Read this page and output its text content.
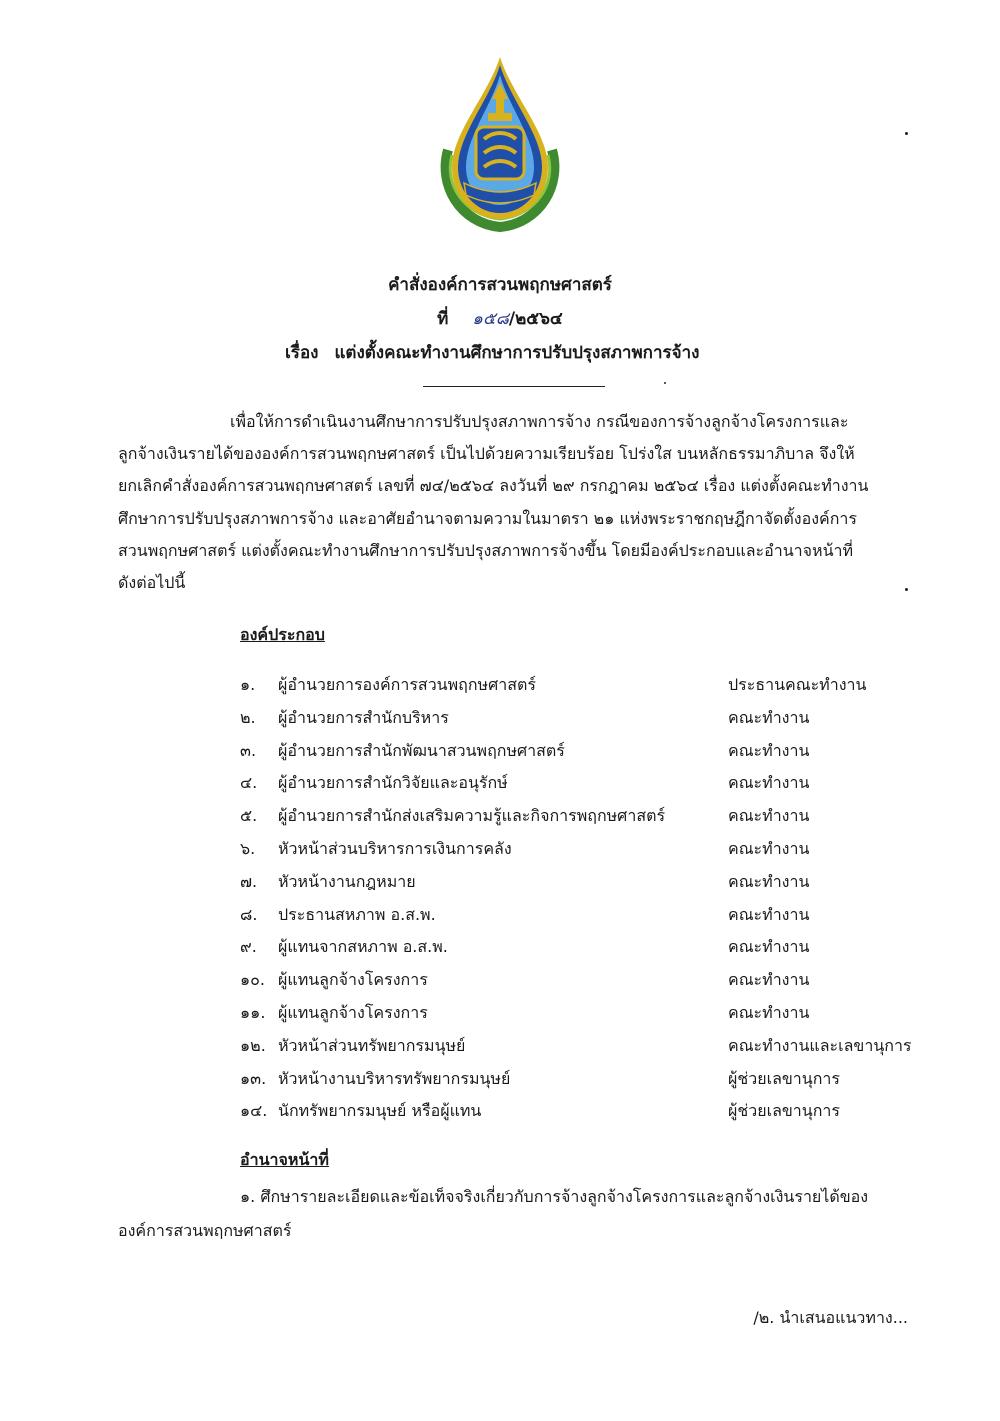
คำสั่งองค์การสวนพฤกษศาสตร์
ที่ ๑๕๘/๒๕๖๔
เรื่อง แต่งตั้งคณะทำงานศึกษาการปรับปรุงสภาพการจ้าง
เพื่อให้การดำเนินงานศึกษาการปรับปรุงสภาพการจ้าง กรณีของการจ้างลูกจ้างโครงการและ
ลูกจ้างเงินรายได้ขององค์การสวนพฤกษศาสตร์ เป็นไปด้วยความเรียบร้อย โปร่งใส บนหลักธรรมาภิบาล จึงให้
ยกเลิกคำสั่งองค์การสวนพฤกษศาสตร์ เลขที่ ๗๔/๒๕๖๔ ลงวันที่ ๒๙ กรกฎาคม ๒๕๖๔ เรื่อง แต่งตั้งคณะทำงาน
ศึกษาการปรับปรุงสภาพการจ้าง และอาศัยอำนาจตามความในมาตรา ๒๑ แห่งพระราชกฤษฎีกาจัดตั้งองค์การ
สวนพฤกษศาสตร์ แต่งตั้งคณะทำงานศึกษาการปรับปรุงสภาพการจ้างขึ้น โดยมีองค์ประกอบและอำนาจหน้าที่
ดังต่อไปนี้
องค์ประกอบ
๑. ผู้อำนวยการองค์การสวนพฤกษศาสตร์	ประธานคณะทำงาน
๒. ผู้อำนวยการสำนักบริหาร	คณะทำงาน
๓. ผู้อำนวยการสำนักพัฒนาสวนพฤกษศาสตร์	คณะทำงาน
๔. ผู้อำนวยการสำนักวิจัยและอนุรักษ์	คณะทำงาน
๕. ผู้อำนวยการสำนักส่งเสริมความรู้และกิจการพฤกษศาสตร์	คณะทำงาน
๖. หัวหน้าส่วนบริหารการเงินการคลัง	คณะทำงาน
๗. หัวหน้างานกฎหมาย	คณะทำงาน
๘. ประธานสหภาพ อ.ส.พ.	คณะทำงาน
๙. ผู้แทนจากสหภาพ อ.ส.พ.	คณะทำงาน
๑๐. ผู้แทนลูกจ้างโครงการ	คณะทำงาน
๑๑. ผู้แทนลูกจ้างโครงการ	คณะทำงาน
๑๒. หัวหน้าส่วนทรัพยากรมนุษย์	คณะทำงานและเลขานุการ
๑๓. หัวหน้างานบริหารทรัพยากรมนุษย์	ผู้ช่วยเลขานุการ
๑๔. นักทรัพยากรมนุษย์ หรือผู้แทน	ผู้ช่วยเลขานุการ
อำนาจหน้าที่
๑. ศึกษารายละเอียดและข้อเท็จจริงเกี่ยวกับการจ้างลูกจ้างโครงการและลูกจ้างเงินรายได้ของ
องค์การสวนพฤกษศาสตร์
/๒. นำเสนอแนวทาง...
